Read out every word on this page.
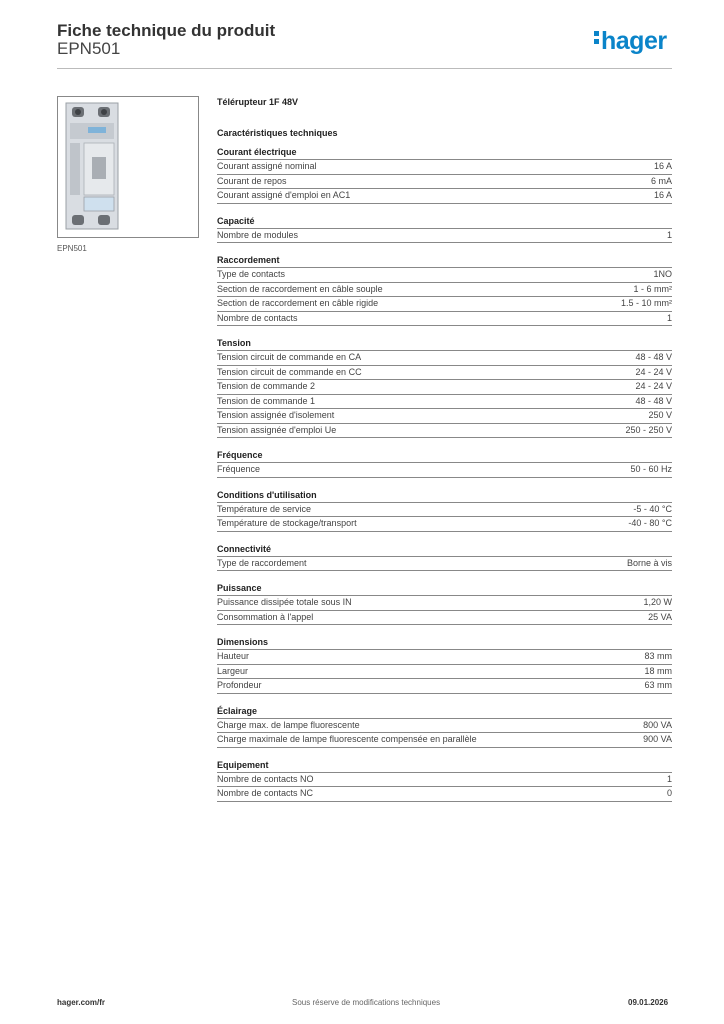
Fiche technique du produit
EPN501	hager
EPN501
Télérupteur 1F 48V
Caractéristiques techniques
Courant électrique
Courant assigné nominal	16 A
Courant de repos	6 mA
Courant assigné d'emploi en AC1	16 A
Capacité
Nombre de modules	1
Raccordement
Type de contacts	1NO
Section de raccordement en câble souple	1 - 6 mm²
Section de raccordement en câble rigide	1.5 - 10 mm²
Nombre de contacts	1
Tension
Tension circuit de commande en CA	48 - 48 V
Tension circuit de commande en CC	24 - 24 V
Tension de commande 2	24 - 24 V
Tension de commande 1	48 - 48 V
Tension assignée d'isolement	250 V
Tension assignée d'emploi Ue	250 - 250 V
Fréquence
Fréquence	50 - 60 Hz
Conditions d'utilisation
Température de service	-5 - 40 °C
Température de stockage/transport	-40 - 80 °C
Connectivité
Type de raccordement	Borne à vis
Puissance
Puissance dissipée totale sous IN	1,20 W
Consommation à l'appel	25 VA
Dimensions
Hauteur	83 mm
Largeur	18 mm
Profondeur	63 mm
Éclairage
Charge max. de lampe fluorescente	800 VA
Charge maximale de lampe fluorescente compensée en parallèle	900 VA
Equipement
Nombre de contacts NO	1
Nombre de contacts NC	0
hager.com/fr	Sous réserve de modifications techniques	09.01.2026
